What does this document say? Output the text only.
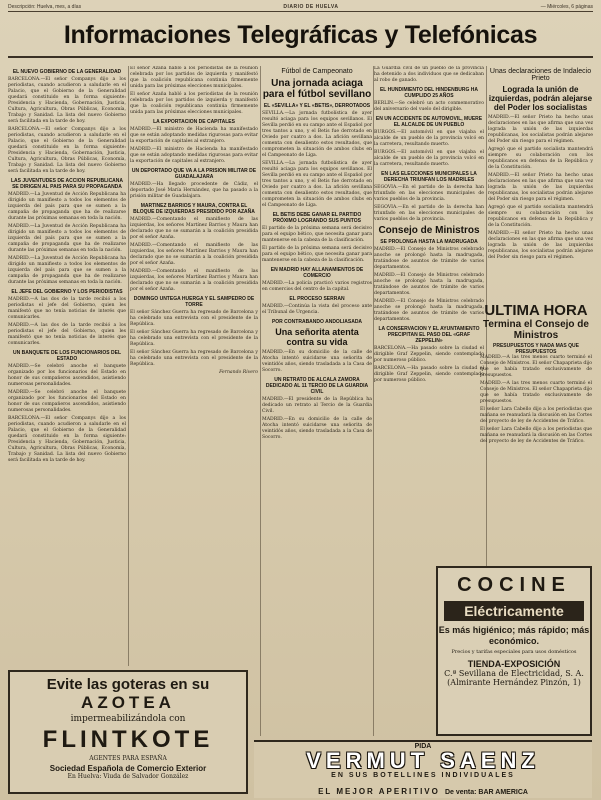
Descripción: Huelva, mes, a días	DIARIO DE HUELVA	— Miércoles, 6 páginas
Informaciones Telegráficas y Telefónicas
EL NUEVO GOBIERNO DE LA GENERALIDAD

BARCELONA.—El señor Companys dijo a los periodistas, cuando acudieron a saludarle en el Palacio, que el Gobierno de la Generalidad quedará constituido en la forma siguiente: Presidencia y Hacienda, Gobernación, Justicia, Cultura, Agricultura, Obras Públicas, Economía, Trabajo y Sanidad. La lista del nuevo Gobierno será facilitada en la tarde de hoy.

BARCELONA.—El señor Companys dijo a los periodistas, cuando acudieron a saludarle en el Palacio, que el Gobierno de la Generalidad quedará constituido en la forma siguiente: Presidencia y Hacienda, Gobernación, Justicia, Cultura, Agricultura, Obras Públicas, Economía, Trabajo y Sanidad. La lista del nuevo Gobierno será facilitada en la tarde de hoy.

LAS JUVENTUDES DE ACCION REPUBLICANA SE DIRIGEN AL PAIS PARA SU PROPAGANDA

MADRID.—La Juventud de Acción Republicana ha dirigido un manifiesto a todos los elementos de izquierda del país para que se sumen a la campaña de propaganda que ha de realizarse durante las próximas semanas en toda la nación.

MADRID.—La Juventud de Acción Republicana ha dirigido un manifiesto a todos los elementos de izquierda del país para que se sumen a la campaña de propaganda que ha de realizarse durante las próximas semanas en toda la nación.

MADRID.—La Juventud de Acción Republicana ha dirigido un manifiesto a todos los elementos de izquierda del país para que se sumen a la campaña de propaganda que ha de realizarse durante las próximas semanas en toda la nación.

EL JEFE DEL GOBIERNO Y LOS PERIODISTAS

MADRID.—A las dos de la tarde recibió a los periodistas el jefe del Gobierno, quien les manifestó que no tenía noticias de interés que comunicarles.

MADRID.—A las dos de la tarde recibió a los periodistas el jefe del Gobierno, quien les manifestó que no tenía noticias de interés que comunicarles.

UN BANQUETE DE LOS FUNCIONARIOS DEL ESTADO

MADRID.—Se celebró anoche el banquete organizado por los funcionarios del Estado en honor de sus compañeros ascendidos, asistiendo numerosas personalidades.

MADRID.—Se celebró anoche el banquete organizado por los funcionarios del Estado en honor de sus compañeros ascendidos, asistiendo numerosas personalidades.

BARCELONA.—El señor Companys dijo a los periodistas, cuando acudieron a saludarle en el Palacio, que el Gobierno de la Generalidad quedará constituido en la forma siguiente: Presidencia y Hacienda, Gobernación, Justicia, Cultura, Agricultura, Obras Públicas, Economía, Trabajo y Sanidad. La lista del nuevo Gobierno será facilitada en la tarde de hoy.

El señor Azaña habló a los periodistas de la reunión celebrada por los partidos de izquierda y manifestó que la coalición republicana continúa firmemente unida para las próximas elecciones municipales.

El señor Azaña habló a los periodistas de la reunión celebrada por los partidos de izquierda y manifestó que la coalición republicana continúa firmemente unida para las próximas elecciones municipales.

LA EXPORTACION DE CAPITALES

MADRID.—El ministro de Hacienda ha manifestado que se están adoptando medidas rigurosas para evitar la exportación de capitales al extranjero.

MADRID.—El ministro de Hacienda ha manifestado que se están adoptando medidas rigurosas para evitar la exportación de capitales al extranjero.

UN DEPORTADO QUE VA A LA PRISION MILITAR DE GUADALAJARA

MADRID.—Ha llegado procedente de Cádiz, el deportado José María Hernández, que ha pasado a la prisión militar de Guadalajara.

MARTINEZ BARRIOS Y MAURA, CONTRA EL BLOQUE DE IZQUIERDAS PRESIDIDO POR AZAÑA

MADRID.—Comentando el manifiesto de las izquierdas, los señores Martínez Barrios y Maura han declarado que no se sumarán a la coalición presidida por el señor Azaña.

MADRID.—Comentando el manifiesto de las izquierdas, los señores Martínez Barrios y Maura han declarado que no se sumarán a la coalición presidida por el señor Azaña.

MADRID.—Comentando el manifiesto de las izquierdas, los señores Martínez Barrios y Maura han declarado que no se sumarán a la coalición presidida por el señor Azaña.

DOMINGO UNTEGA HUERGA Y EL SAMPEDRO DE TORRE

El señor Sánchez Guerra ha regresado de Barcelona y ha celebrado una entrevista con el presidente de la República.

El señor Sánchez Guerra ha regresado de Barcelona y ha celebrado una entrevista con el presidente de la República.

El señor Sánchez Guerra ha regresado de Barcelona y ha celebrado una entrevista con el presidente de la República.

Fernando Rivero

Fútbol de Campeonato
Una jornada aciaga para el fútbol sevillano
EL «SEVILLA» Y EL «BETIS», DERROTADOS

SEVILLA.—La jornada futbolística de ayer resultó aciaga para los equipos sevillanos. El Sevilla perdió en su campo ante el Español por tres tantos a uno, y el Betis fue derrotado en Oviedo por cuatro a dos. La afición sevillana comenta con desaliento estos resultados, que comprometen la situación de ambos clubs en el Campeonato de Liga.

SEVILLA.—La jornada futbolística de ayer resultó aciaga para los equipos sevillanos. El Sevilla perdió en su campo ante el Español por tres tantos a uno, y el Betis fue derrotado en Oviedo por cuatro a dos. La afición sevillana comenta con desaliento estos resultados, que comprometen la situación de ambos clubs en el Campeonato de Liga.

EL BETIS DEBE GANAR EL PARTIDO PRÓXIMO LOGRANDO SUS PUNTOS

El partido de la próxima semana será decisivo para el equipo bético, que necesita ganar para mantenerse en la cabeza de la clasificación.

El partido de la próxima semana será decisivo para el equipo bético, que necesita ganar para mantenerse en la cabeza de la clasificación.

EN MADRID HAY ALLANAMIENTOS DE COMERCIO

MADRID.—La policía practicó varios registros en comercios del centro de la capital.

EL PROCESO SERRAN

MADRID.—Continúa la vista del proceso ante el Tribunal de Urgencia.

POR CONTRABANDO ANDOLIASADA
Una señorita atenta contra su vida

MADRID.—En su domicilio de la calle de Atocha intentó suicidarse una señorita de veintidós años, siendo trasladada a la Casa de Socorro.

UN RETRATO DE ALCALA ZAMORA DEDICADO AL 11 TERCIO DE LA GUARDIA CIVIL

MADRID.—El presidente de la República ha dedicado un retrato al Tercio de la Guardia Civil.

MADRID.—En su domicilio de la calle de Atocha intentó suicidarse una señorita de veintidós años, siendo trasladada a la Casa de Socorro.

La Guardia civil de un pueblo de la provincia ha detenido a dos individuos que se dedicaban al robo de ganado.

EL HUNDIMIENTO DEL HINDENBURG HA CUMPLIDO 25 AÑOS

BERLIN.—Se celebró un acto conmemorativo del aniversario del vuelo del dirigible.

EN UN ACCIDENTE DE AUTOMOVIL, MUERE EL ALCALDE DE UN PUEBLO

BURGOS.—El automóvil en que viajaba el alcalde de un pueblo de la provincia volcó en la carretera, resultando muerto.

BURGOS.—El automóvil en que viajaba el alcalde de un pueblo de la provincia volcó en la carretera, resultando muerto.

EN LAS ELECCIONES MUNICIPALES LA DERECHA TRIUNFAN LOS MADRILES

SEGOVIA.—En el partido de la derecha han triunfado en las elecciones municipales de varios pueblos de la provincia.

SEGOVIA.—En el partido de la derecha han triunfado en las elecciones municipales de varios pueblos de la provincia.

Consejo de Ministros
SE PROLONGA HASTA LA MADRUGADA

MADRID.—El Consejo de Ministros celebrado anoche se prolongó hasta la madrugada, tratándose de asuntos de trámite de varios departamentos.

MADRID.—El Consejo de Ministros celebrado anoche se prolongó hasta la madrugada, tratándose de asuntos de trámite de varios departamentos.

MADRID.—El Consejo de Ministros celebrado anoche se prolongó hasta la madrugada, tratándose de asuntos de trámite de varios departamentos.

LA CONSERVACION Y EL AYUNTAMIENTO PRECIPITAN EL PASO DEL «GRAF ZEPPELIN»

BARCELONA.—Ha pasado sobre la ciudad el dirigible Graf Zeppelin, siendo contemplado por numeroso público.

BARCELONA.—Ha pasado sobre la ciudad el dirigible Graf Zeppelin, siendo contemplado por numeroso público.

Unas declaraciones de Indalecio Prieto
Lograda la unión de izquierdas, podrán alejarse del Poder los socialistas

MADRID.—El señor Prieto ha hecho unas declaraciones en las que afirma que una vez lograda la unión de las izquierdas republicanas, los socialistas podrán alejarse del Poder sin riesgo para el régimen.

Agregó que el partido socialista mantendrá siempre su colaboración con los republicanos en defensa de la República y de la Constitución.

MADRID.—El señor Prieto ha hecho unas declaraciones en las que afirma que una vez lograda la unión de las izquierdas republicanas, los socialistas podrán alejarse del Poder sin riesgo para el régimen.

Agregó que el partido socialista mantendrá siempre su colaboración con los republicanos en defensa de la República y de la Constitución.

MADRID.—El señor Prieto ha hecho unas declaraciones en las que afirma que una vez lograda la unión de las izquierdas republicanas, los socialistas podrán alejarse del Poder sin riesgo para el régimen.

ULTIMA HORA
Termina el Consejo de Ministros
PRESUPUESTOS Y NADA MAS QUE PRESUPUESTOS

MADRID.—A las tres menos cuarto terminó el Consejo de Ministros. El señor Chapaprieta dijo que se había tratado exclusivamente de presupuestos.

MADRID.—A las tres menos cuarto terminó el Consejo de Ministros. El señor Chapaprieta dijo que se había tratado exclusivamente de presupuestos.

El señor Lara Cabello dijo a los periodistas que mañana se reanudará la discusión en las Cortes del proyecto de ley de Accidentes de Tráfico.

El señor Lara Cabello dijo a los periodistas que mañana se reanudará la discusión en las Cortes del proyecto de ley de Accidentes de Tráfico.

Evite las goteras en su
AZOTEA
impermeabilizándola con
FLINTKOTE
AGENTES PARA ESPAÑA
Sociedad Española de Comercio Exterior
En Huelva: Viuda de Salvador González
COCINE
Eléctricamente
Es más higiénico; más rápido; más económico.
Precios y tarifas especiales para usos domésticos
TIENDA-EXPOSICIÓN
C.ª Sevillana de Electricidad, S. A.
(Almirante Hernández Pinzón, 1)
PIDA
VERMUT SAENZ
EN SUS BOTELLINES INDIVIDUALES
EL MEJOR APERITIVO De venta: BAR AMERICA
